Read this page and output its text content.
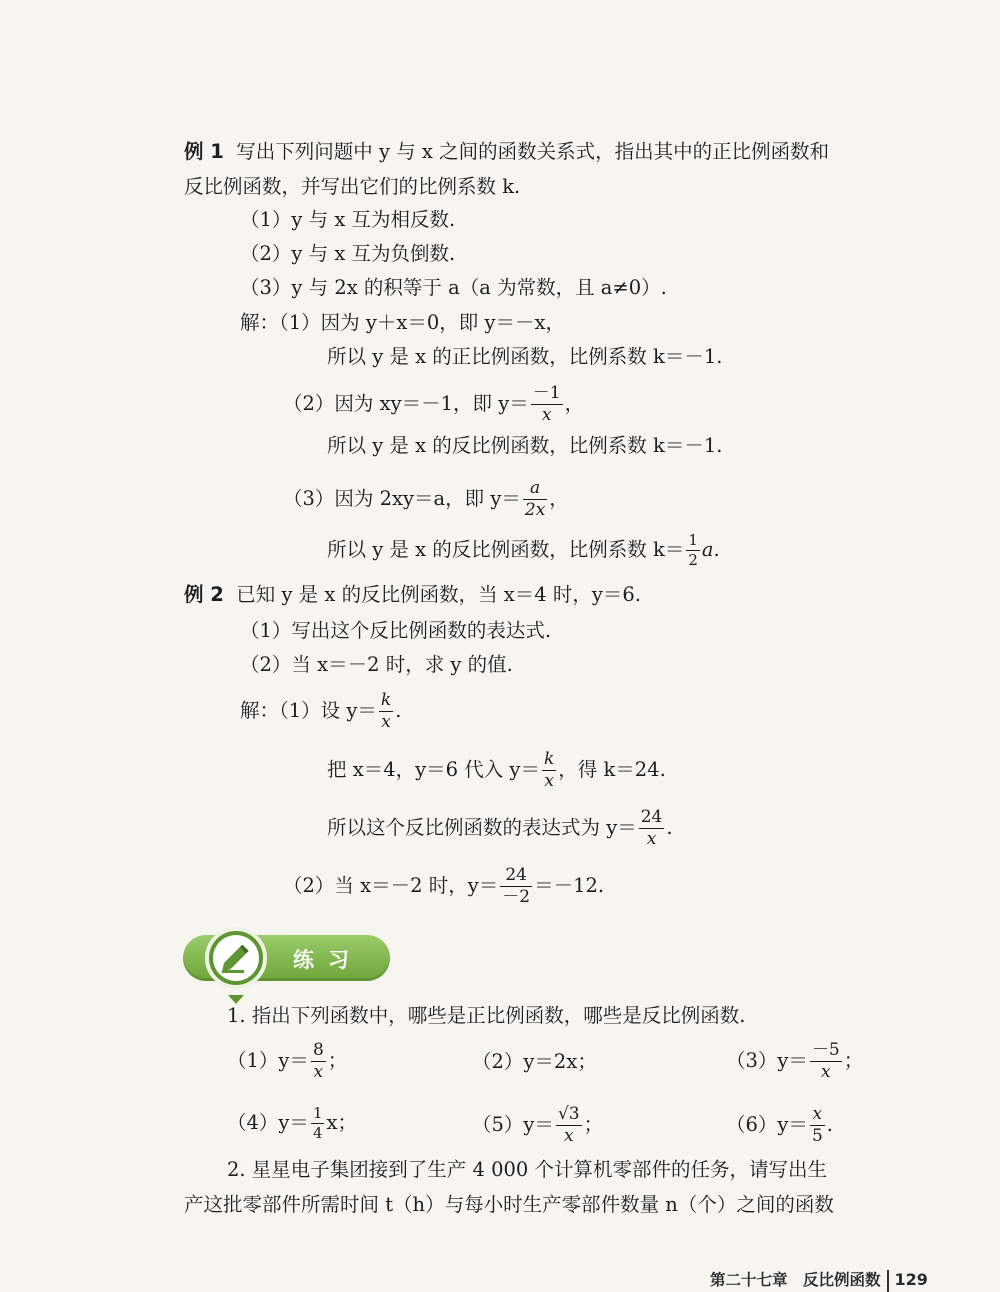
例 1 写出下列问题中 y 与 x 之间的函数关系式，指出其中的正比例函数和
反比例函数，并写出它们的比例系数 k.
（1）y 与 x 互为相反数.
（2）y 与 x 互为负倒数.
（3）y 与 2x 的积等于 a（a 为常数，且 a≠0）.
解：（1）因为 y＋x＝0，即 y＝－x，
所以 y 是 x 的正比例函数，比例系数 k＝－1.
（2）因为 xy＝－1，即 $y= \frac{-1}{x}$ ，
所以 y 是 x 的反比例函数，比例系数 k＝－1.
（3）因为 2xy＝a，即 $y= \frac{a}{2x}$ ，
所以 y 是 x 的反比例函数，比例系数 $k= \frac{1}{2} a$.
例 2 已知 y 是 x 的反比例函数，当 x＝4 时，y＝6.
（1）写出这个反比例函数的表达式.
（2）当 x＝－2 时，求 y 的值.
解：（1）设 $y= \frac{k}{x}$ .
把 x＝4，y＝6 代入 $y= \frac{k}{x}$ ，得 k＝24.
所以这个反比例函数的表达式为 $y= \frac{24}{x}$ .
（2）当 x＝－2 时，$y= \frac{24}{-2} =-12$.
练习
1. 指出下列函数中，哪些是正比例函数，哪些是反比例函数.
$(1)y= \frac{8}{x}$ ；	（2）y＝2x；	$(3)y= \frac{-5}{x}$ ；
$(4)y= \frac{1}{4}$ x；	$(5)y= \frac{√3}{x}$ ；	$(6)y= \frac{x}{5}$ .
2. 星星电子集团接到了生产 4 000 个计算机零部件的任务，请写出生
产这批零部件所需时间 t（h）与每小时生产零部件数量 n（个）之间的函数
第二十七章　反比例函数 129
